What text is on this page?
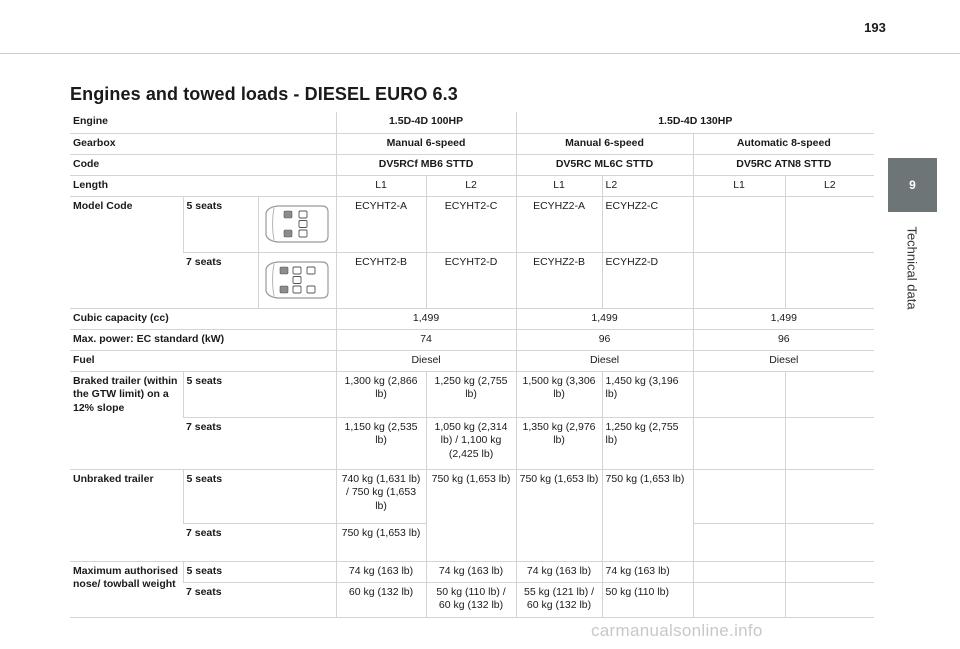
193
Engines and towed loads - DIESEL EURO 6.3
9
Technical data
Engine			1.5D-4D 100HP		1.5D-4D 130HP			
Gearbox			Manual 6-speed		Manual 6-speed		Automatic 8-speed	
Code			DV5RCf MB6 STTD		DV5RC ML6C STTD		DV5RC ATN8 STTD	
Length			L1	L2	L1	L2	L1	L2
Model Code	5 seats		ECYHT2-A	ECYHT2-C	ECYHZ2-A	ECYHZ2-C		
	7 seats		ECYHT2-B	ECYHT2-D	ECYHZ2-B	ECYHZ2-D		
Cubic capacity (cc)			1,499		1,499		1,499	
Max. power: EC standard (kW)			74		96		96	
Fuel			Diesel		Diesel		Diesel	
Braked trailer (within the GTW limit) on a 12% slope	5 seats		1,300 kg (2,866 lb)	1,250 kg (2,755 lb)	1,500 kg (3,306 lb)	1,450 kg (3,196 lb)		
	7 seats		1,150 kg (2,535 lb)	1,050 kg (2,314 lb) / 1,100 kg (2,425 lb)	1,350 kg (2,976 lb)	1,250 kg (2,755 lb)		
Unbraked trailer	5 seats		740 kg (1,631 lb) / 750 kg (1,653 lb)	750 kg (1,653 lb)	750 kg (1,653 lb)	750 kg (1,653 lb)		
	7 seats		750 kg (1,653 lb)					
Maximum authorised nose/ towball weight	5 seats		74 kg (163 lb)	74 kg (163 lb)	74 kg (163 lb)	74 kg (163 lb)		
	7 seats		60 kg (132 lb)	50 kg (110 lb) / 60 kg (132 lb)	55 kg (121 lb) / 60 kg (132 lb)	50 kg (110 lb)		
carmanualsonline.info
